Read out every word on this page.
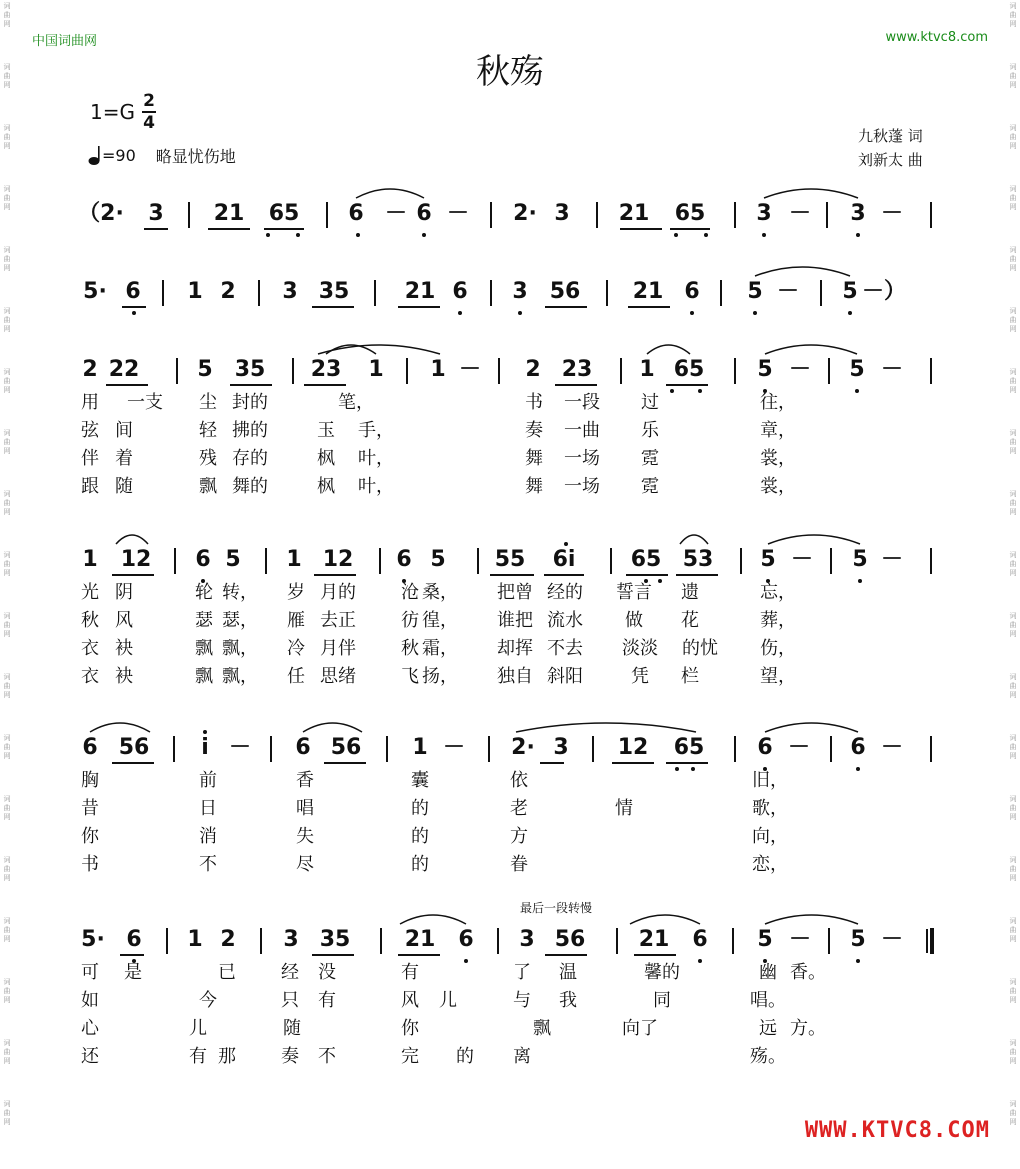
词曲网
词曲网
词曲网
词曲网
词曲网
词曲网
词曲网
词曲网
词曲网
词曲网
词曲网
词曲网
词曲网
词曲网
词曲网
词曲网
词曲网
词曲网
词曲网
词曲网
词曲网
词曲网
词曲网
词曲网
词曲网
词曲网
词曲网
词曲网
词曲网
词曲网
词曲网
词曲网
词曲网
词曲网
词曲网
词曲网
词曲网
词曲网
中国词曲网	www.ktvc8.com
秋殇
1=G 2
4
=90 略显忧伤地
九秋蓬 词
刘新太 曲
（2· 3 21 65 6 － 6 － 2· 3 21 65 3 － 3 －
5· 6 1 2 3 35	21 6 3 56 21 6 5 － 5 －）
2 22	5 35 23 1 1 － 2 23 1 65 5 － 5 －
1 12 6 5 1 12 6 5 55 6i	65 53 5 － 5 －
6 56 i － 6 56 1 － 2· 3 12 65 6 － 6 －
5· 6 1 2 3 35 21 6 3 56 21 6 5 － 5 －
最后一段转慢
WWW.KTVC8.COM
用 一支 尘 封的	笔，	书 一段 过	往，
弦 间	轻 拂的	玉 手，	奏 一曲 乐	章，
伴 着	残 存的	枫 叶，	舞 一场 霓	裳，
跟 随	飘 舞的	枫 叶，	舞 一场 霓	裳，
光 阴	轮 转， 岁 月的	沧 桑， 把曾 经的 誓言 遗	忘，
秋 风	瑟 瑟， 雁 去正	彷 徨， 谁把 流水 做 花	葬，
衣 袂	飘 飘， 冷 月伴	秋 霜， 却挥 不去 淡淡 的忧 伤，
衣 袂	飘 飘， 任 思绪	飞 扬， 独自 斜阳	凭 栏	望，
胸	前	香	囊	依	旧，
昔	日	唱	的	老	情	歌，
你	消	失	的	方	向，
书	不	尽	的	眷	恋，
可 是	已	经 没	有	了 温	馨的	幽 香。
如	今	只 有	风 儿	与 我	同	唱。
心	儿	随	你	飘	向了	远 方。
还	有 那	奏 不	完 的 离	殇。
